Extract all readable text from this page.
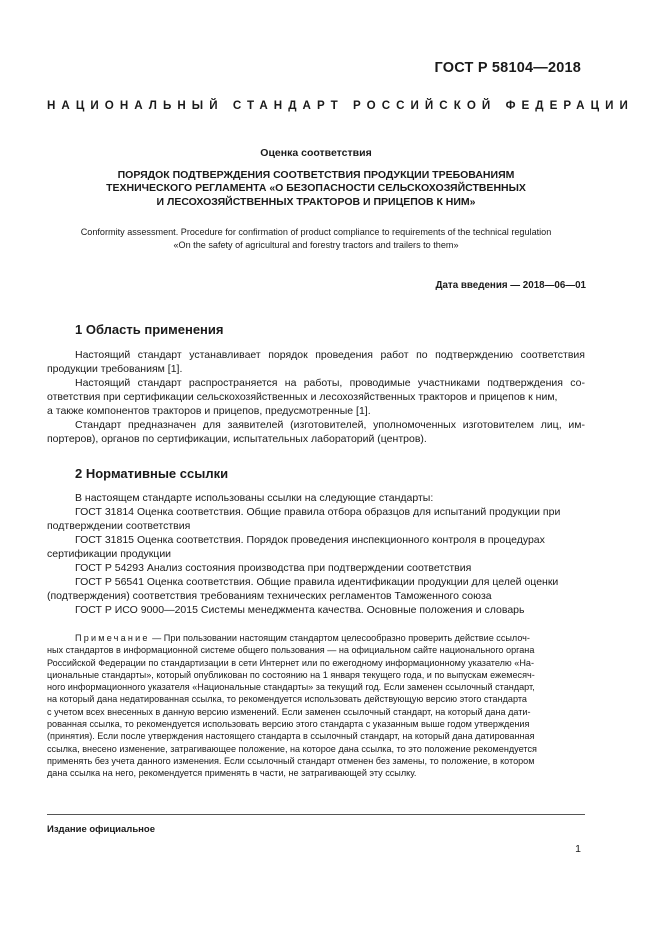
ГОСТ Р 58104—2018
НАЦИОНАЛЬНЫЙ СТАНДАРТ РОССИЙСКОЙ ФЕДЕРАЦИИ
Оценка соответствия
ПОРЯДОК ПОДТВЕРЖДЕНИЯ СООТВЕТСТВИЯ ПРОДУКЦИИ ТРЕБОВАНИЯМ
ТЕХНИЧЕСКОГО РЕГЛАМЕНТА «О БЕЗОПАСНОСТИ СЕЛЬСКОХОЗЯЙСТВЕННЫХ
И ЛЕСОХОЗЯЙСТВЕННЫХ ТРАКТОРОВ И ПРИЦЕПОВ К НИМ»
Conformity assessment. Procedure for confirmation of product compliance to requirements of the technical regulation
«On the safety of agricultural and forestry tractors and trailers to them»
Дата введения — 2018—06—01
1 Область применения
Настоящий стандарт устанавливает порядок проведения работ по подтверждению соответствия
продукции требованиям [1].
Настоящий стандарт распространяется на работы, проводимые участниками подтверждения со-
ответствия при сертификации сельскохозяйственных и лесохозяйственных тракторов и прицепов к ним,
а также компонентов тракторов и прицепов, предусмотренные [1].
Стандарт предназначен для заявителей (изготовителей, уполномоченных изготовителем лиц, им-
портеров), органов по сертификации, испытательных лабораторий (центров).
2 Нормативные ссылки
В настоящем стандарте использованы ссылки на следующие стандарты:
ГОСТ 31814 Оценка соответствия. Общие правила отбора образцов для испытаний продукции при
подтверждении соответствия
ГОСТ 31815 Оценка соответствия. Порядок проведения инспекционного контроля в процедурах
сертификации продукции
ГОСТ Р 54293 Анализ состояния производства при подтверждении соответствия
ГОСТ Р 56541 Оценка соответствия. Общие правила идентификации продукции для целей оценки
(подтверждения) соответствия требованиям технических регламентов Таможенного союза
ГОСТ Р ИСО 9000—2015 Системы менеджмента качества. Основные положения и словарь
Примечание — При пользовании настоящим стандартом целесообразно проверить действие ссылоч-
ных стандартов в информационной системе общего пользования — на официальном сайте национального органа
Российской Федерации по стандартизации в сети Интернет или по ежегодному информационному указателю «На-
циональные стандарты», который опубликован по состоянию на 1 января текущего года, и по выпускам ежемесяч-
ного информационного указателя «Национальные стандарты» за текущий год. Если заменен ссылочный стандарт,
на который дана недатированная ссылка, то рекомендуется использовать действующую версию этого стандарта
с учетом всех внесенных в данную версию изменений. Если заменен ссылочный стандарт, на который дана дати-
рованная ссылка, то рекомендуется использовать версию этого стандарта с указанным выше годом утверждения
(принятия). Если после утверждения настоящего стандарта в ссылочный стандарт, на который дана датированная
ссылка, внесено изменение, затрагивающее положение, на которое дана ссылка, то это положение рекомендуется
применять без учета данного изменения. Если ссылочный стандарт отменен без замены, то положение, в котором
дана ссылка на него, рекомендуется применять в части, не затрагивающей эту ссылку.
Издание официальное
1
